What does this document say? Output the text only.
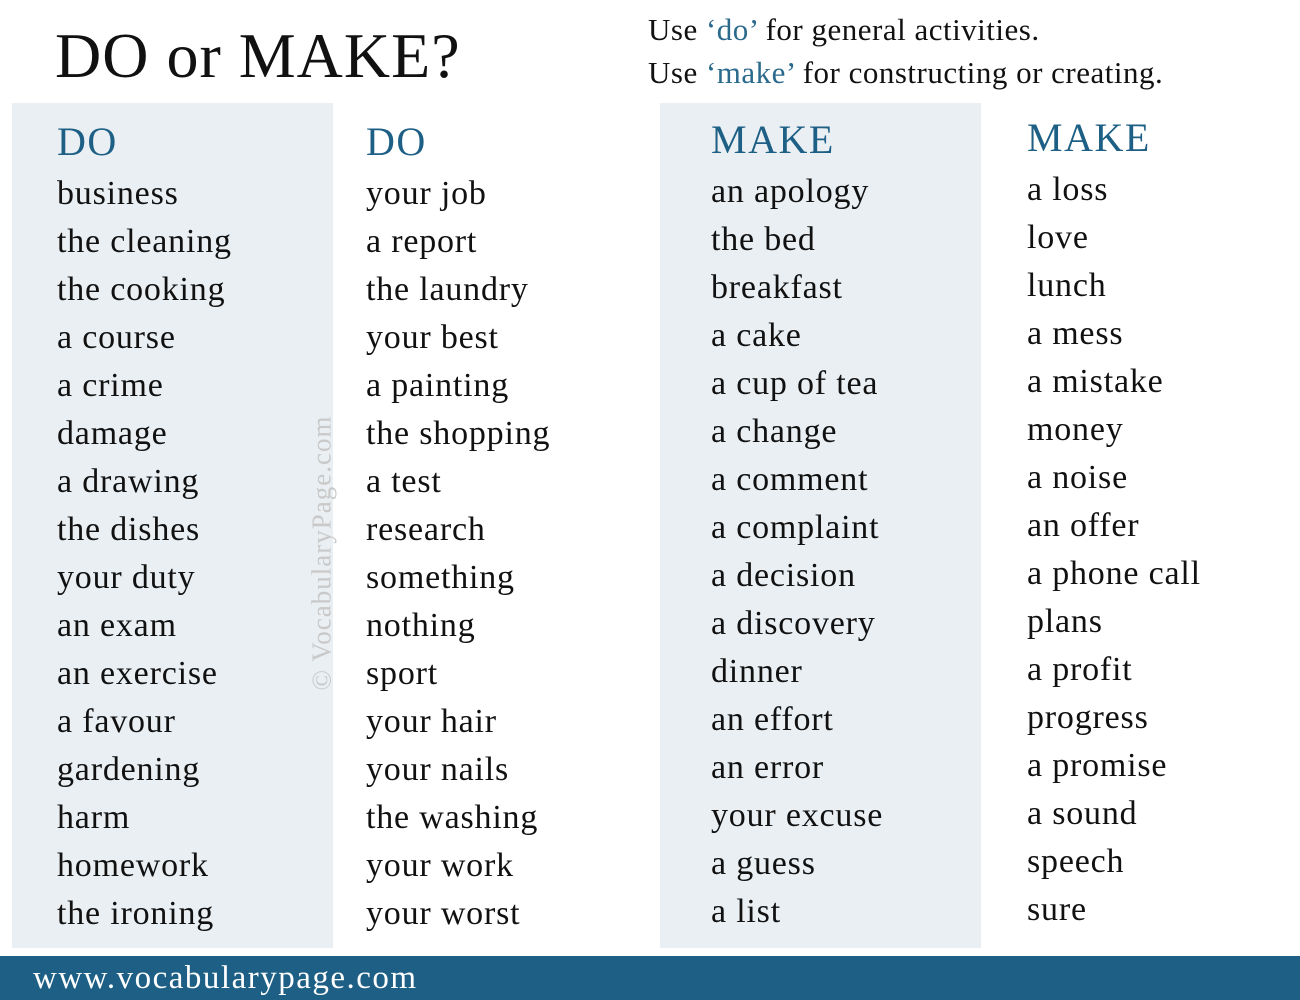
DO or MAKE?	Use ‘do’ for general activities.
Use ‘make’ for constructing or creating.
DO
business
the cleaning
the cooking
a course
a crime
damage
a drawing
the dishes
your duty
an exam
an exercise
a favour
gardening
harm
homework
the ironing
DO
your job
a report
the laundry
your best
a painting
the shopping
a test
research
something
nothing
sport
your hair
your nails
the washing
your work
your worst
MAKE
an apology
the bed
breakfast
a cake
a cup of tea
a change
a comment
a complaint
a decision
a discovery
dinner
an effort
an error
your excuse
a guess
a list
MAKE
a loss
love
lunch
a mess
a mistake
money
a noise
an offer
a phone call
plans
a profit
progress
a promise
a sound
speech
sure
© VocabularyPage.com
www.vocabularypage.com
